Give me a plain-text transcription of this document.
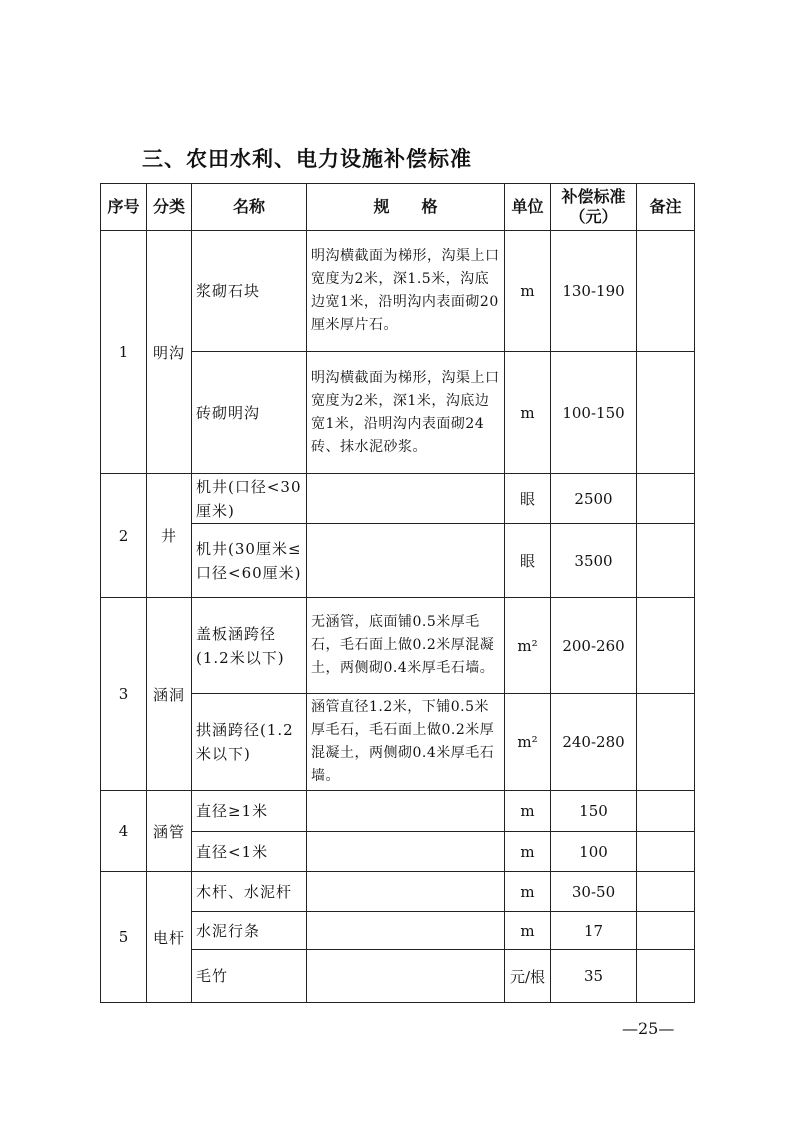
三、农田水利、电力设施补偿标准
序号	分类	名称	规　　格	单位	补偿标准（元）	备注
1	明沟	浆砌石块	明沟横截面为梯形，沟渠上口宽度为2米，深1.5米，沟底边宽1米，沿明沟内表面砌20厘米厚片石。	m	130-190	
		砖砌明沟	明沟横截面为梯形，沟渠上口宽度为2米，深1米，沟底边宽1米，沿明沟内表面砌24砖、抹水泥砂浆。	m	100-150	
2	井	机井(口径<30厘米)		眼	2500	
		机井(30厘米≤口径<60厘米)		眼	3500	
3	涵洞	盖板涵跨径(1.2米以下)	无涵管，底面铺0.5米厚毛石，毛石面上做0.2米厚混凝土，两侧砌0.4米厚毛石墙。	m²	200-260	
		拱涵跨径(1.2米以下)	涵管直径1.2米，下铺0.5米厚毛石，毛石面上做0.2米厚混凝土，两侧砌0.4米厚毛石墙。	m²	240-280	
4	涵管	直径≥1米		m	150	
		直径<1米		m	100	
5	电杆	木杆、水泥杆		m	30-50	
		水泥行条		m	17	
		毛竹		元/根	35	
—25—
